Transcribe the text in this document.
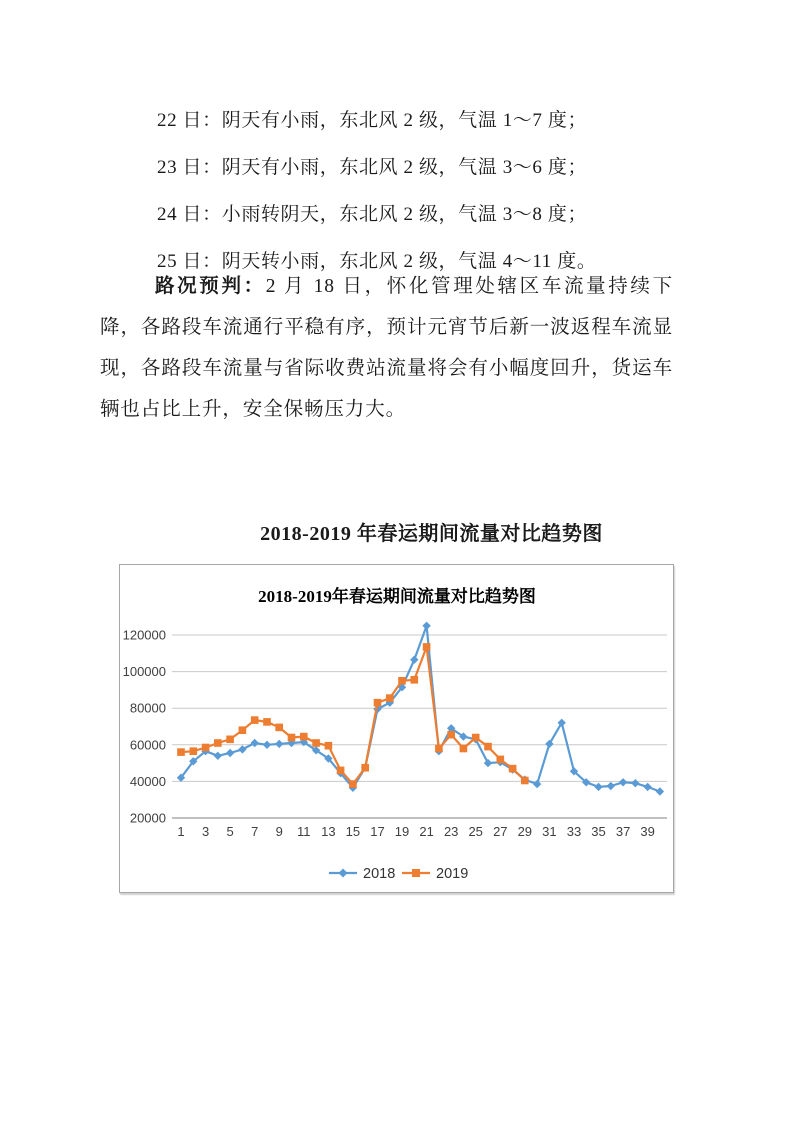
22 日：阴天有小雨，东北风 2 级，气温 1～7 度；
23 日：阴天有小雨，东北风 2 级，气温 3～6 度；
24 日：小雨转阴天，东北风 2 级，气温 3～8 度；
25 日：阴天转小雨，东北风 2 级，气温 4～11 度。

路况预判：2 月 18 日，怀化管理处辖区车流量持续下降，各路段车流通行平稳有序，预计元宵节后新一波返程车流显现，各路段车流量与省际收费站流量将会有小幅度回升，货运车辆也占比上升，安全保畅压力大。

2018-2019 年春运期间流量对比趋势图
2018-2019年春运期间流量对比趋势图
20000
40000
60000
80000
100000
120000
1 3 5 7 9 11 13 15 17 19 21 23 25 27 29 31 33 35 37 39
2018	2019
